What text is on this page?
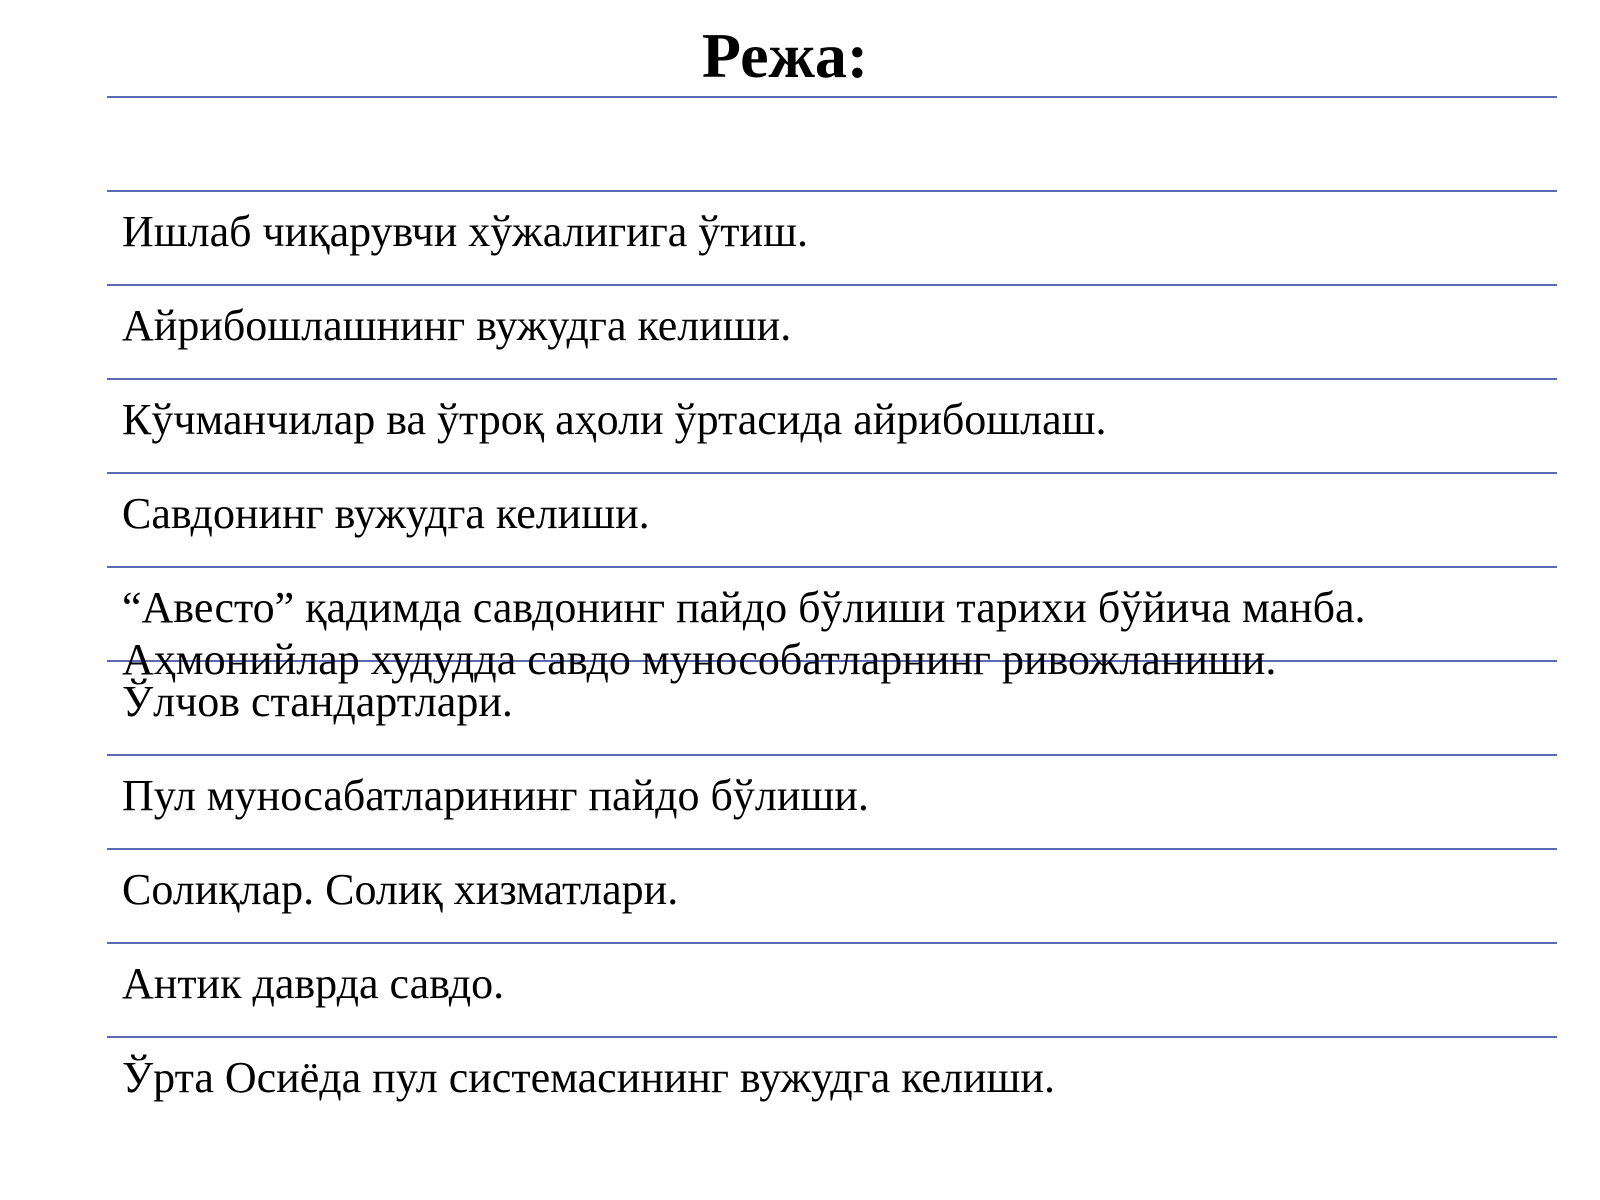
Режа:

Ишлаб чиқарувчи хўжалигига ўтиш.

Айрибошлашнинг вужудга келиши.

Кўчманчилар ва ўтроқ аҳоли ўртасида айрибошлаш.

Савдонинг вужудга келиши.

“Авесто” қадимда савдонинг пайдо бўлиши тарихи бўйича манба.

Аҳмонийлар худудда савдо мунособатларнинг ривожланиши.

Ўлчов стандартлари.

Пул муносабатларининг пайдо бўлиши.

Солиқлар. Солиқ хизматлари.

Антик даврда савдо.

Ўрта Осиёда пул системасининг вужудга келиши.
